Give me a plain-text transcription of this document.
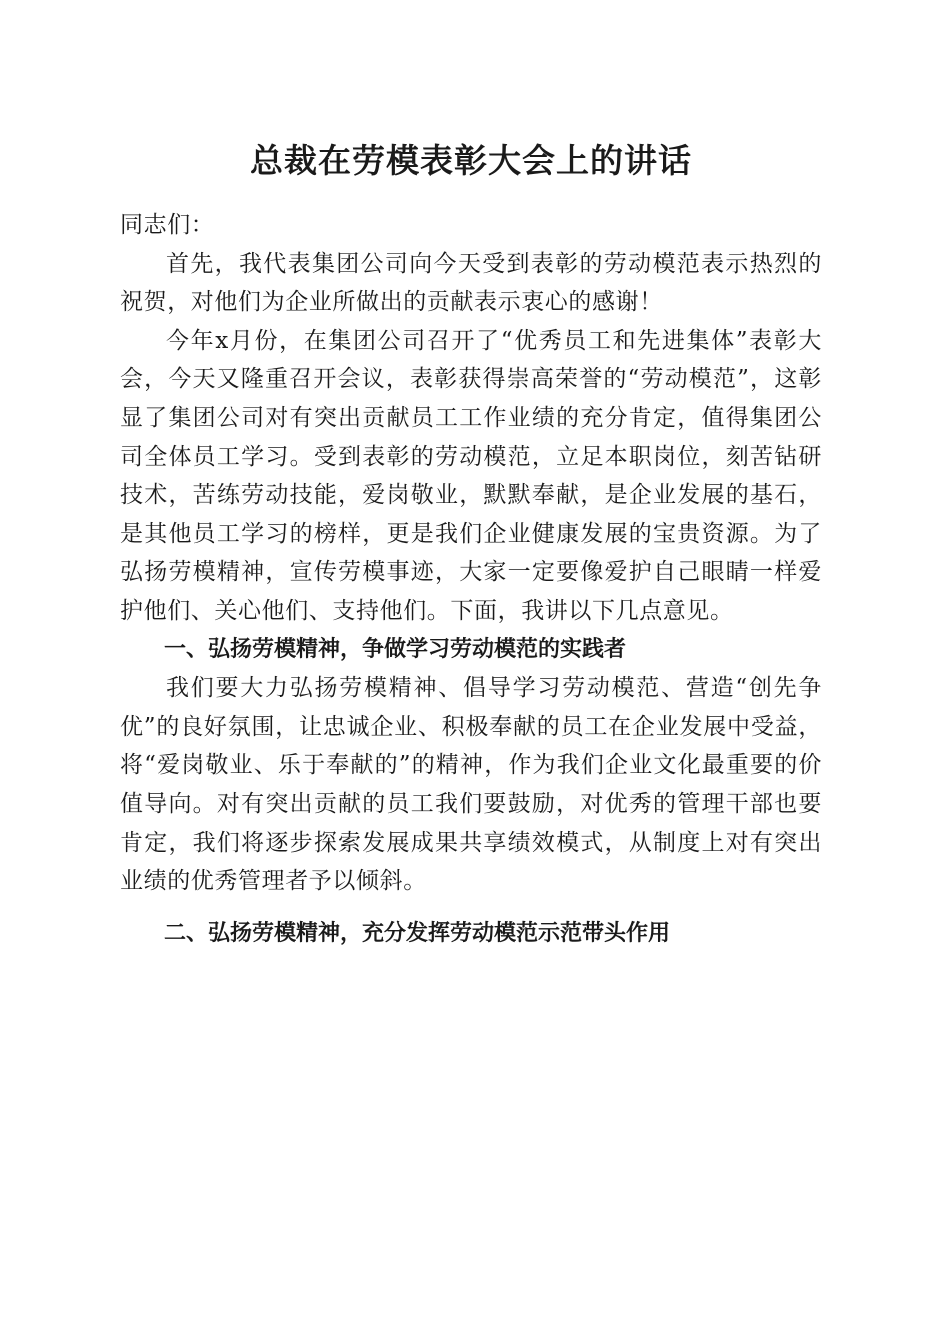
总裁在劳模表彰大会上的讲话

同志们：

首先，我代表集团公司向今天受到表彰的劳动模范表示热烈的祝贺，对他们为企业所做出的贡献表示衷心的感谢！

今年x月份，在集团公司召开了“优秀员工和先进集体”表彰大会，今天又隆重召开会议，表彰获得崇高荣誉的“劳动模范”，这彰显了集团公司对有突出贡献员工工作业绩的充分肯定，值得集团公司全体员工学习。受到表彰的劳动模范，立足本职岗位，刻苦钻研技术，苦练劳动技能，爱岗敬业，默默奉献，是企业发展的基石，是其他员工学习的榜样，更是我们企业健康发展的宝贵资源。为了弘扬劳模精神，宣传劳模事迹，大家一定要像爱护自己眼睛一样爱护他们、关心他们、支持他们。下面，我讲以下几点意见。

一、弘扬劳模精神，争做学习劳动模范的实践者

我们要大力弘扬劳模精神、倡导学习劳动模范、营造“创先争优”的良好氛围，让忠诚企业、积极奉献的员工在企业发展中受益，将“爱岗敬业、乐于奉献的”的精神，作为我们企业文化最重要的价值导向。对有突出贡献的员工我们要鼓励，对优秀的管理干部也要肯定，我们将逐步探索发展成果共享绩效模式，从制度上对有突出业绩的优秀管理者予以倾斜。

二、弘扬劳模精神，充分发挥劳动模范示范带头作用
